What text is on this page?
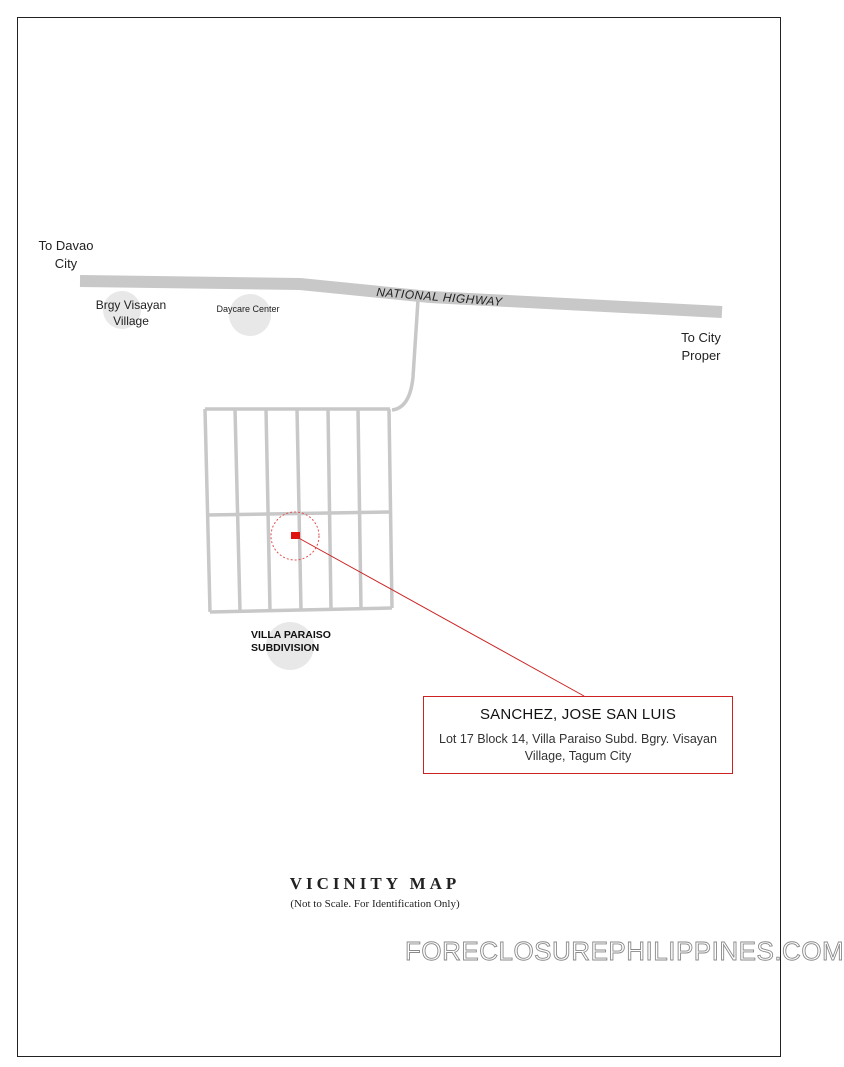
To Davao City
To City Proper
Brgy Visayan Village
Daycare Center
NATIONAL HIGHWAY
VILLA PARAISO SUBDIVISION
SANCHEZ, JOSE SAN LUIS
Lot 17 Block 14, Villa Paraiso Subd. Bgry. Visayan Village, Tagum City
VICINITY MAP
(Not to Scale. For Identification Only)
FORECLOSUREPHILIPPINES.COM
